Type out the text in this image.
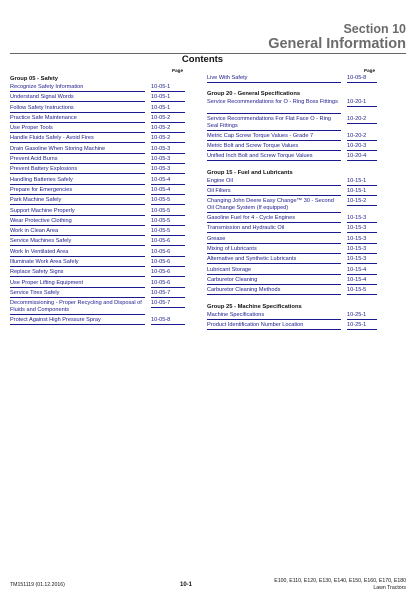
Section 10
General Information
Contents
Page
Group 05 - Safety
Recognize Safety Information	10-05-1
Understand Signal Words	10-05-1
Follow Safety Instructions	10-05-1
Practice Safe Maintenance	10-05-2
Use Proper Tools	10-05-2
Handle Fluids Safely - Avoid Fires	10-05-2
Drain Gasoline When Storing Machine	10-05-3
Prevent Acid Burns	10-05-3
Prevent Battery Explosions	10-05-3
Handling Batteries Safely	10-05-4
Prepare for Emergencies	10-05-4
Park Machine Safely	10-05-5
Support Machine Properly	10-05-5
Wear Protective Clothing	10-05-5
Work in Clean Area	10-05-5
Service Machines Safely	10-05-6
Work In Ventilated Area	10-05-6
Illuminate Work Area Safely	10-05-6
Replace Safety Signs	10-05-6
Use Proper Lifting Equipment	10-05-6
Service Tires Safely	10-05-7
Decommissioning - Proper Recycling and Disposal of Fluids and Components
10-05-7
Protect Against High Pressure Spray	10-05-8
Page
Live With Safety	10-05-8
Group 20 - General Specifications
Service Recommendations for O - Ring Boss Fittings	10-20-1
Service Recommendations For Flat Face O - Ring Seal Fittings
10-20-2
Metric Cap Screw Torque Values - Grade 7	10-20-2
Metric Bolt and Screw Torque Values	10-20-3
Unified Inch Bolt and Screw Torque Values	10-20-4
Group 15 - Fuel and Lubricants
Engine Oil	10-15-1
Oil Filters	10-15-1
Changing John Deere Easy Change™ 30 - Second Oil Change System (If equipped)
10-15-2
Gasoline Fuel for 4 - Cycle Engines	10-15-3
Transmission and Hydraulic Oil	10-15-3
Grease	10-15-3
Mixing of Lubricants	10-15-3
Alternative and Synthetic Lubricants	10-15-3
Lubricant Storage	10-15-4
Carburetor Cleaning	10-15-4
Carburetor Cleaning Methods	10-15-5
Group 25 - Machine Specifications
Machine Specifications	10-25-1
Product Identification Number Location	10-25-1
TM151119 (01.12.2016)	10-1
E100, E110, E120, E130, E140, E150, E160, E170, E180
Lawn Tractors
